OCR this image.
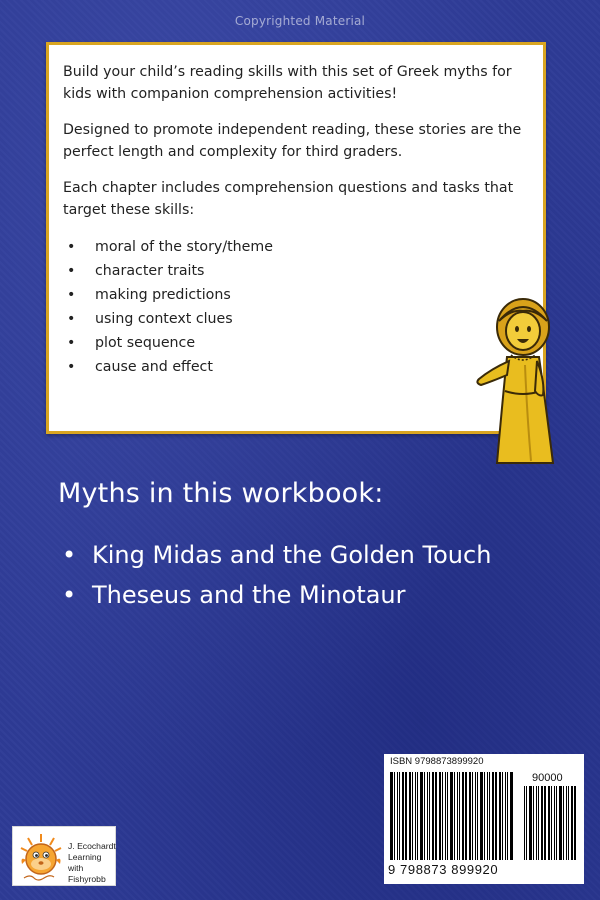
Copyrighted Material

Build your child’s reading skills with this set of Greek myths for kids with companion comprehension activities!

Designed to promote independent reading, these stories are the perfect length and complexity for third graders.

Each chapter includes comprehension questions and tasks that target these skills:

• moral of the story/theme
• character traits
• making predictions
• using context clues
• plot sequence
• cause and effect
Myths in this workbook:
• King Midas and the Golden Touch
• Theseus and the Minotaur
ISBN 9798873899920
90000
9 798873 899920
J. Ecochardt
Learning with
Fishyrobb
